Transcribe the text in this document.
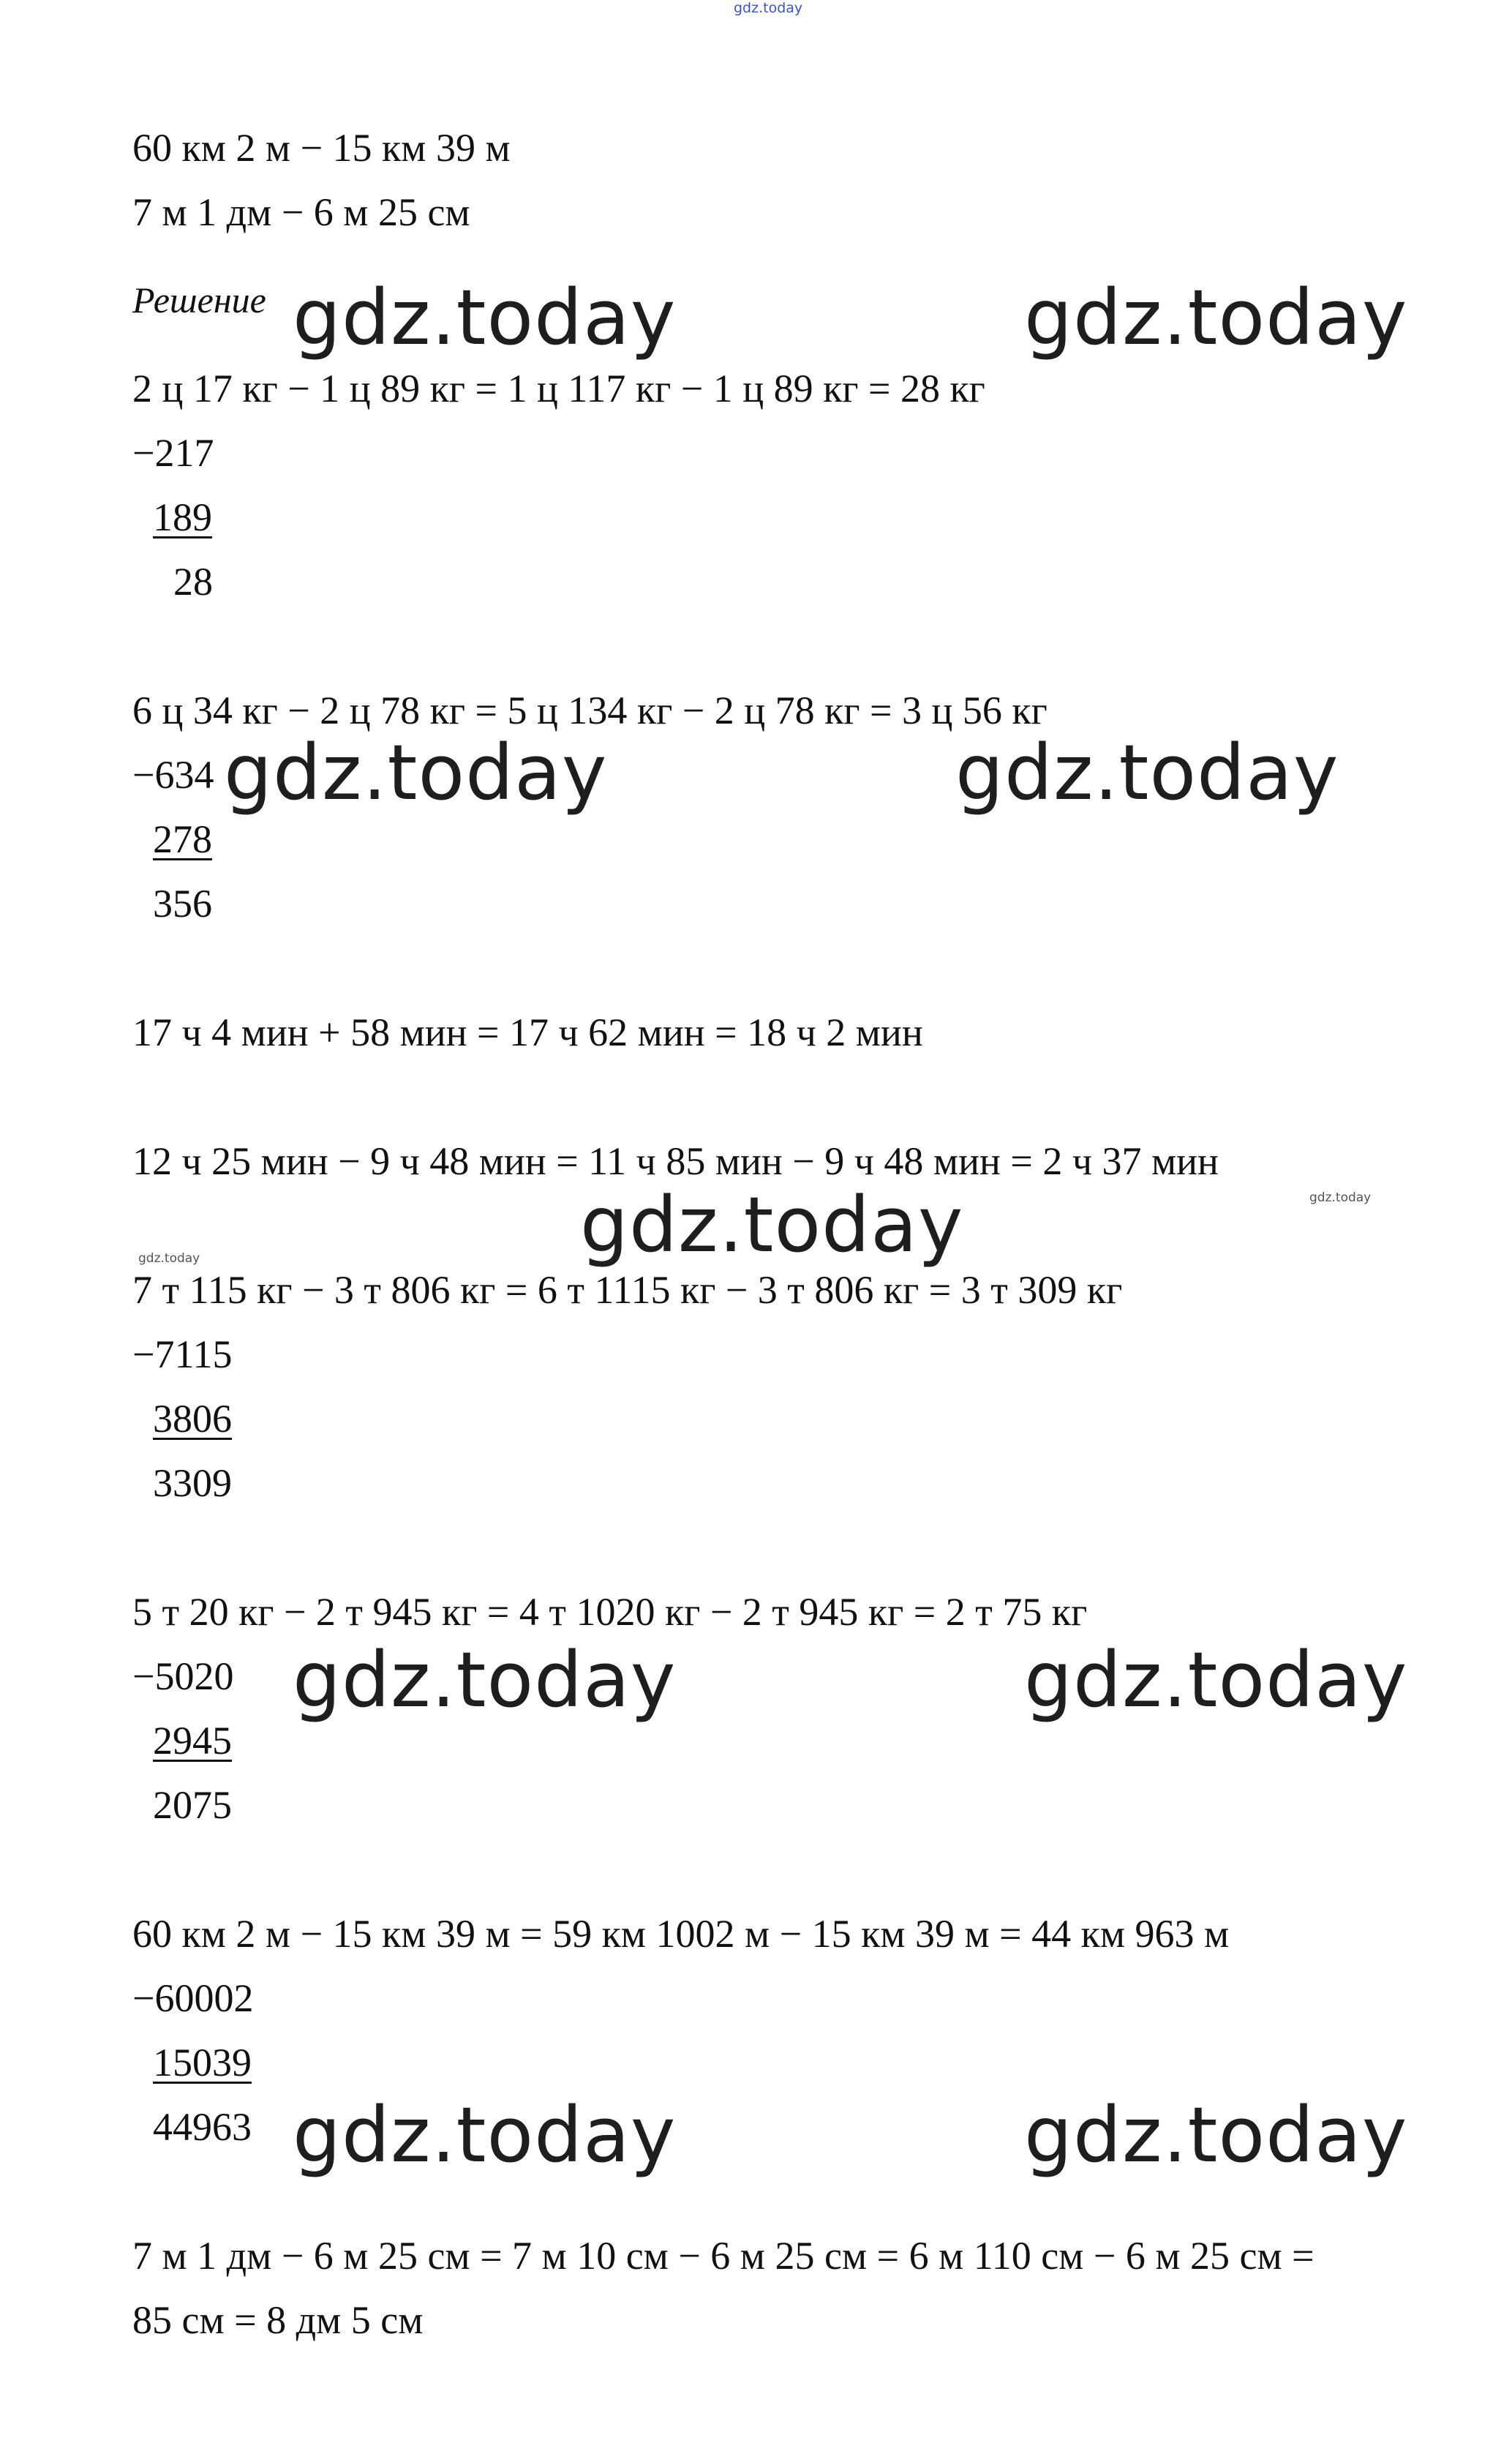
gdz.today
60 км 2 м − 15 км 39 м
7 м 1 дм − 6 м 25 см
Решение
2 ц 17 кг − 1 ц 89 кг = 1 ц 117 кг − 1 ц 89 кг = 28 кг
−217
189
28
6 ц 34 кг − 2 ц 78 кг = 5 ц 134 кг − 2 ц 78 кг = 3 ц 56 кг
−634
278
356
17 ч 4 мин + 58 мин = 17 ч 62 мин = 18 ч 2 мин
12 ч 25 мин − 9 ч 48 мин = 11 ч 85 мин − 9 ч 48 мин = 2 ч 37 мин
7 т 115 кг − 3 т 806 кг = 6 т 1115 кг − 3 т 806 кг = 3 т 309 кг
−7115
3806
3309
5 т 20 кг − 2 т 945 кг = 4 т 1020 кг − 2 т 945 кг = 2 т 75 кг
−5020
2945
2075
60 км 2 м − 15 км 39 м = 59 км 1002 м − 15 км 39 м = 44 км 963 м
−60002
15039
44963
7 м 1 дм − 6 м 25 см = 7 м 10 см − 6 м 25 см = 6 м 110 см − 6 м 25 см =
85 см = 8 дм 5 см
gdz.today	gdz.today
gdz.today	gdz.today
gdz.today
gdz.today	gdz.today
gdz.today	gdz.today
gdz.today
gdz.today
